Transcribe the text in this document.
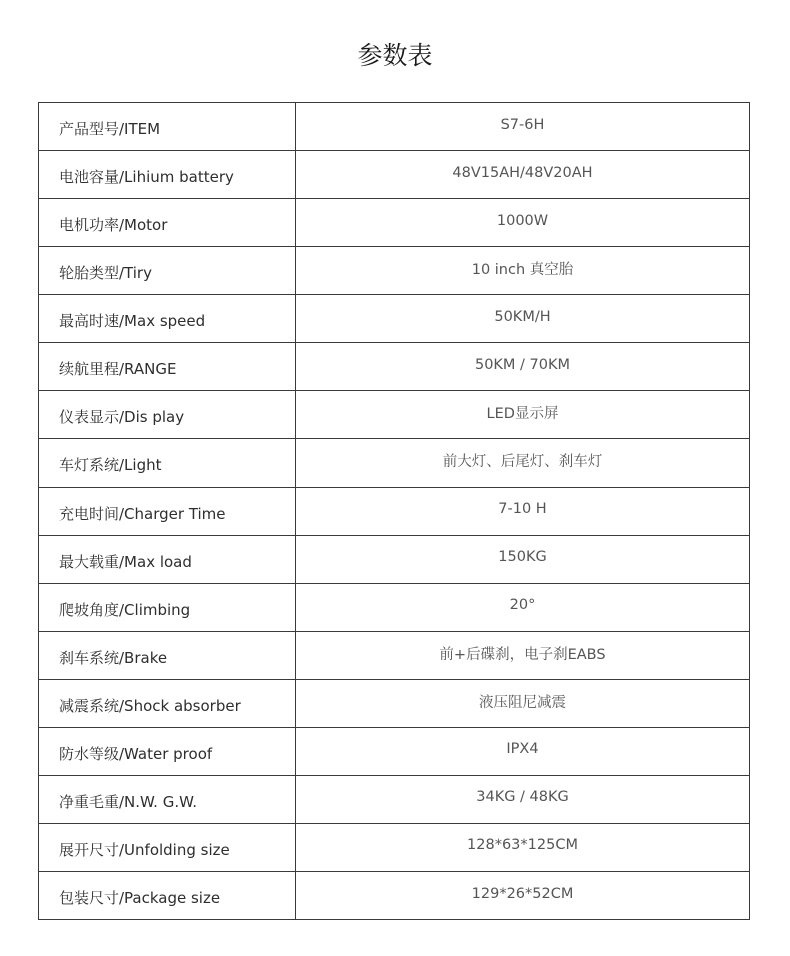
参数表
产品型号/ITEM	S7-6H
电池容量/Lihium battery	48V15AH/48V20AH
电机功率/Motor	1000W
轮胎类型/Tiry	10 inch 真空胎
最高时速/Max speed	50KM/H
续航里程/RANGE	50KM / 70KM
仪表显示/Dis play	LED显示屏
车灯系统/Light	前大灯、后尾灯、刹车灯
充电时间/Charger Time	7-10 H
最大载重/Max load	150KG
爬坡角度/Climbing	20°
刹车系统/Brake	前+后碟刹，电子刹EABS
减震系统/Shock absorber	液压阻尼减震
防水等级/Water proof	IPX4
净重毛重/N.W. G.W.	34KG / 48KG
展开尺寸/Unfolding size	128*63*125CM
包装尺寸/Package size	129*26*52CM
